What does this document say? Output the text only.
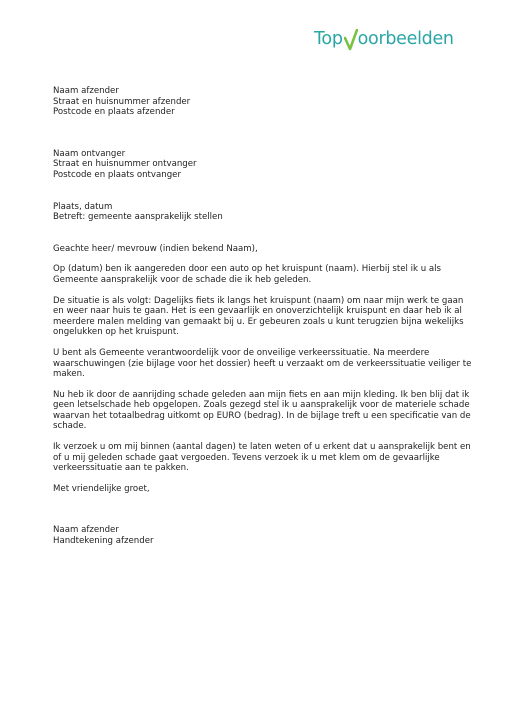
Top oorbeelden

Naam afzender

Straat en huisnummer afzender

Postcode en plaats afzender

Naam ontvanger

Straat en huisnummer ontvanger

Postcode en plaats ontvanger

Plaats, datum

Betreft: gemeente aansprakelijk stellen

Geachte heer/ mevrouw (indien bekend Naam),

Op (datum) ben ik aangereden door een auto op het kruispunt (naam). Hierbij stel ik u als Gemeente aansprakelijk voor de schade die ik heb geleden.

De situatie is als volgt: Dagelijks fiets ik langs het kruispunt (naam) om naar mijn werk te gaan en weer naar huis te gaan. Het is een gevaarlijk en onoverzichtelijk kruispunt en daar heb ik al meerdere malen melding van gemaakt bij u. Er gebeuren zoals u kunt terugzien bijna wekelijks ongelukken op het kruispunt.

U bent als Gemeente verantwoordelijk voor de onveilige verkeerssituatie. Na meerdere waarschuwingen (zie bijlage voor het dossier) heeft u verzaakt om de verkeerssituatie veiliger te maken.

Nu heb ik door de aanrijding schade geleden aan mijn fiets en aan mijn kleding. Ik ben blij dat ik geen letselschade heb opgelopen. Zoals gezegd stel ik u aansprakelijk voor de materiele schade waarvan het totaalbedrag uitkomt op EURO (bedrag). In de bijlage treft u een specificatie van de schade.

Ik verzoek u om mij binnen (aantal dagen) te laten weten of u erkent dat u aansprakelijk bent en of u mij geleden schade gaat vergoeden. Tevens verzoek ik u met klem om de gevaarlijke verkeerssituatie aan te pakken.

Met vriendelijke groet,

Naam afzender

Handtekening afzender
